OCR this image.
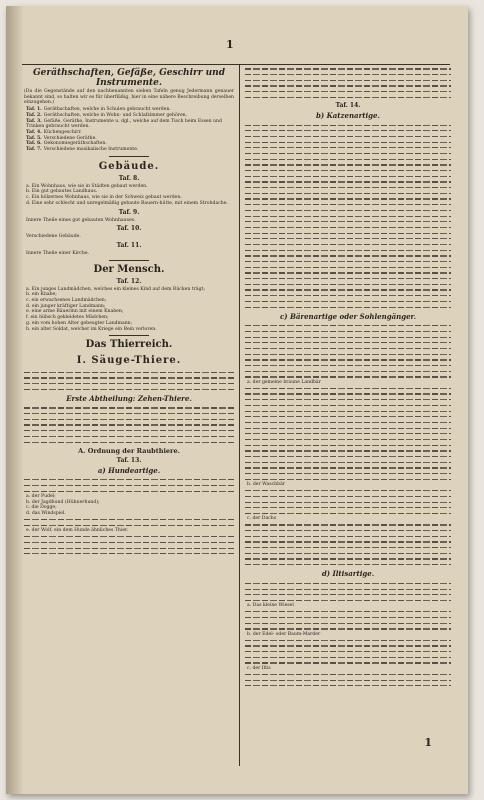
1
Geräthschaften, Gefäße, Geschirr und Instrumente.
(Da die Gegenstände auf den nachbenannten sieben Tafeln genug Jedermann genauer bekannt sind, so halten wir es für überflüßig, hier in eine nähere Beschreibung derselben einzugehen.)
Taf. 1. Geräthschaften, welche in Schulen gebraucht werden.
Taf. 2. Geräthschaften, welche in Wohn- und Schlafzimmer gehören.
Taf. 3. Gefäße, Geräthe, Instrumente u. dgl., welche auf dem Tisch beim Essen und Trinken gebraucht werden.
Taf. 4. Küchengeschirr.
Taf. 5. Verschiedene Geräthe.
Taf. 6. Oekonomiegeräthschaften.
Taf. 7. Verschiedene musikalische Instrumente.
Gebäude.
Taf. 8.
a. Ein Wohnhaus, wie sie in Städten gebaut werden.
b. Ein gut gebautes Landhaus.
c. Ein hölzernes Wohnhaus, wie sie in der Schweiz gebaut werden.
d. Eine sehr schlecht und unregelmäßig gebaute Bauern-hütte, mit einem Strohdache.
Taf. 9.
Innere Theile eines gut gebauten Wohnhauses.
Taf. 10.
Verschiedene Gebäude.
Taf. 11.
Innere Theile einer Kirche.
Der Mensch.
Taf. 12.
a. Ein junges Landmädchen, welches ein kleines Kind auf dem Rücken trägt;
b. ein Knabe;
c. ein erwachsenes Landmädchen;
d. ein junger kräftiger Landmann;
e. eine arme Bäuerinn mit einem Knaben;
f. ein hübsch gekleidetes Mädchen;
g. ein vom hohen Alter gebeugter Landmann;
h. ein alter Soldat, welcher im Kriege ein Bein verloren.
Das Thierreich.
I. Säuge-Thiere.
Erste Abtheilung: Zehen-Thiere.
A. Ordnung der Raubthiere.
Taf. 13.
a) Hundeartige.
a. der Pudel;
b. der Jagdhund (Hühnerhund);
c. die Dogge;
d. das Windspiel.
e. der Wolf, ein dem Hunde ähnliches Thier.
Taf. 14.
b) Katzenartige.
c) Bärenartige oder Sohlengänger.
a. der gemeine braune Landbär
b. der Waschbär
c. der Dachs
d) Iltisartige.
a. Das kleine Wiesel
b. der Edel- oder Baum-Marder
c. der Iltis
1
